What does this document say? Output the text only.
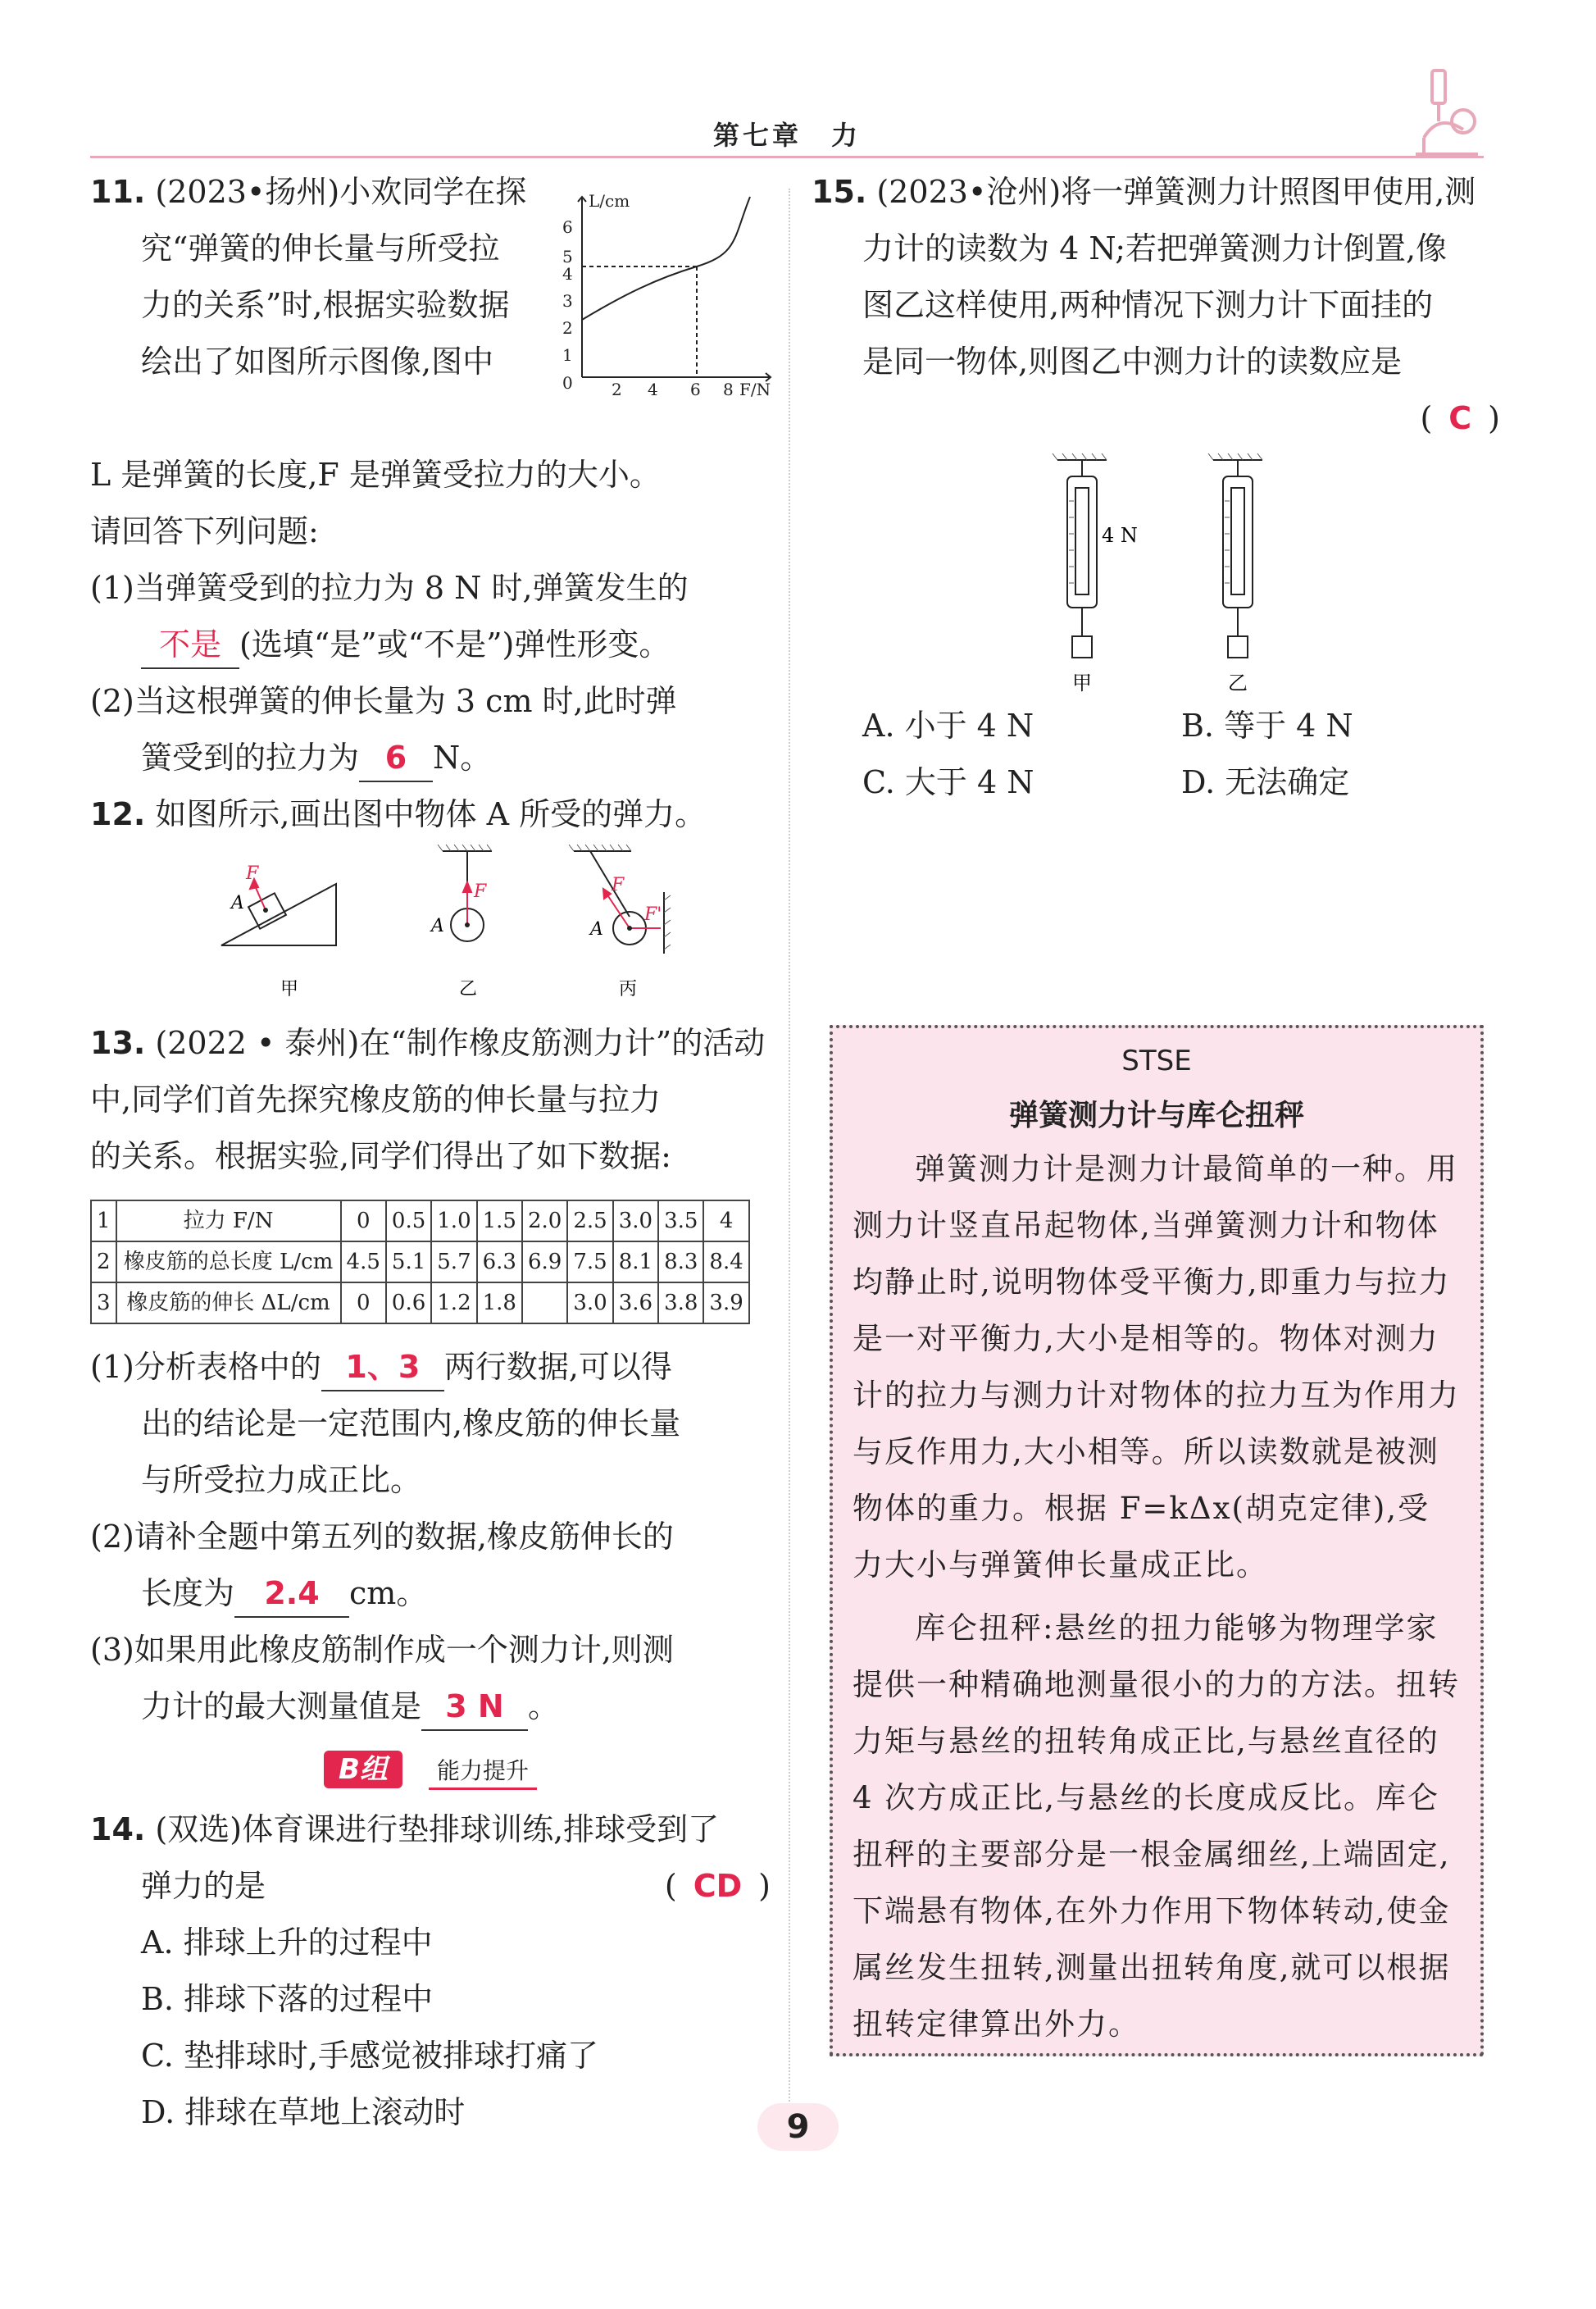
第七章　力
11. (2023•扬州)小欢同学在探
究“弹簧的伸长量与所受拉
力的关系”时,根据实验数据
绘出了如图所示图像,图中
L/cm
F/N
0
1
2
3
4
5
6
2 4 6 8
L 是弹簧的长度,F 是弹簧受拉力的大小。
请回答下列问题:
(1)当弹簧受到的拉力为 8 N 时,弹簧发生的
不是 (选填“是”或“不是”)弹性形变。
(2)当这根弹簧的伸长量为 3 cm 时,此时弹
簧受到的拉力为 6 N。
12. 如图所示,画出图中物体 A 所受的弹力。
A
F
A
F
A
F
F'
甲	乙	丙
13. (2022 • 泰州)在“制作橡皮筋测力计”的活动
中,同学们首先探究橡皮筋的伸长量与拉力
的关系。根据实验,同学们得出了如下数据:
1	拉力 F/N	0	0.5	1.0	1.5	2.0	2.5	3.0	3.5	4
2	橡皮筋的总长度 L/cm	4.5	5.1	5.7	6.3	6.9	7.5	8.1	8.3	8.4
3	橡皮筋的伸长 ΔL/cm	0	0.6	1.2	1.8		3.0	3.6	3.8	3.9
(1)分析表格中的 1、3 两行数据,可以得
出的结论是一定范围内,橡皮筋的伸长量
与所受拉力成正比。
(2)请补全题中第五列的数据,橡皮筋伸长的
长度为 2.4 cm。
(3)如果用此橡皮筋制作成一个测力计,则测
力计的最大测量值是 3 N 。
B组 能力提升
14. (双选)体育课进行垫排球训练,排球受到了
弹力的是	( CD )
A. 排球上升的过程中
B. 排球下落的过程中
C. 垫排球时,手感觉被排球打痛了
D. 排球在草地上滚动时
15. (2023•沧州)将一弹簧测力计照图甲使用,测
力计的读数为 4 N;若把弹簧测力计倒置,像
图乙这样使用,两种情况下测力计下面挂的
是同一物体,则图乙中测力计的读数应是
( C )
4 N
甲	乙
A. 小于 4 N	B. 等于 4 N
C. 大于 4 N	D. 无法确定
STSE
弹簧测力计与库仑扭秤

弹簧测力计是测力计最简单的一种。用测力计竖直吊起物体,当弹簧测力计和物体均静止时,说明物体受平衡力,即重力与拉力是一对平衡力,大小是相等的。物体对测力计的拉力与测力计对物体的拉力互为作用力与反作用力,大小相等。所以读数就是被测物体的重力。根据 F=kΔx(胡克定律),受力大小与弹簧伸长量成正比。

库仑扭秤:悬丝的扭力能够为物理学家提供一种精确地测量很小的力的方法。扭转力矩与悬丝的扭转角成正比,与悬丝直径的 4 次方成正比,与悬丝的长度成反比。库仑扭秤的主要部分是一根金属细丝,上端固定,下端悬有物体,在外力作用下物体转动,使金属丝发生扭转,测量出扭转角度,就可以根据扭转定律算出外力。

9
